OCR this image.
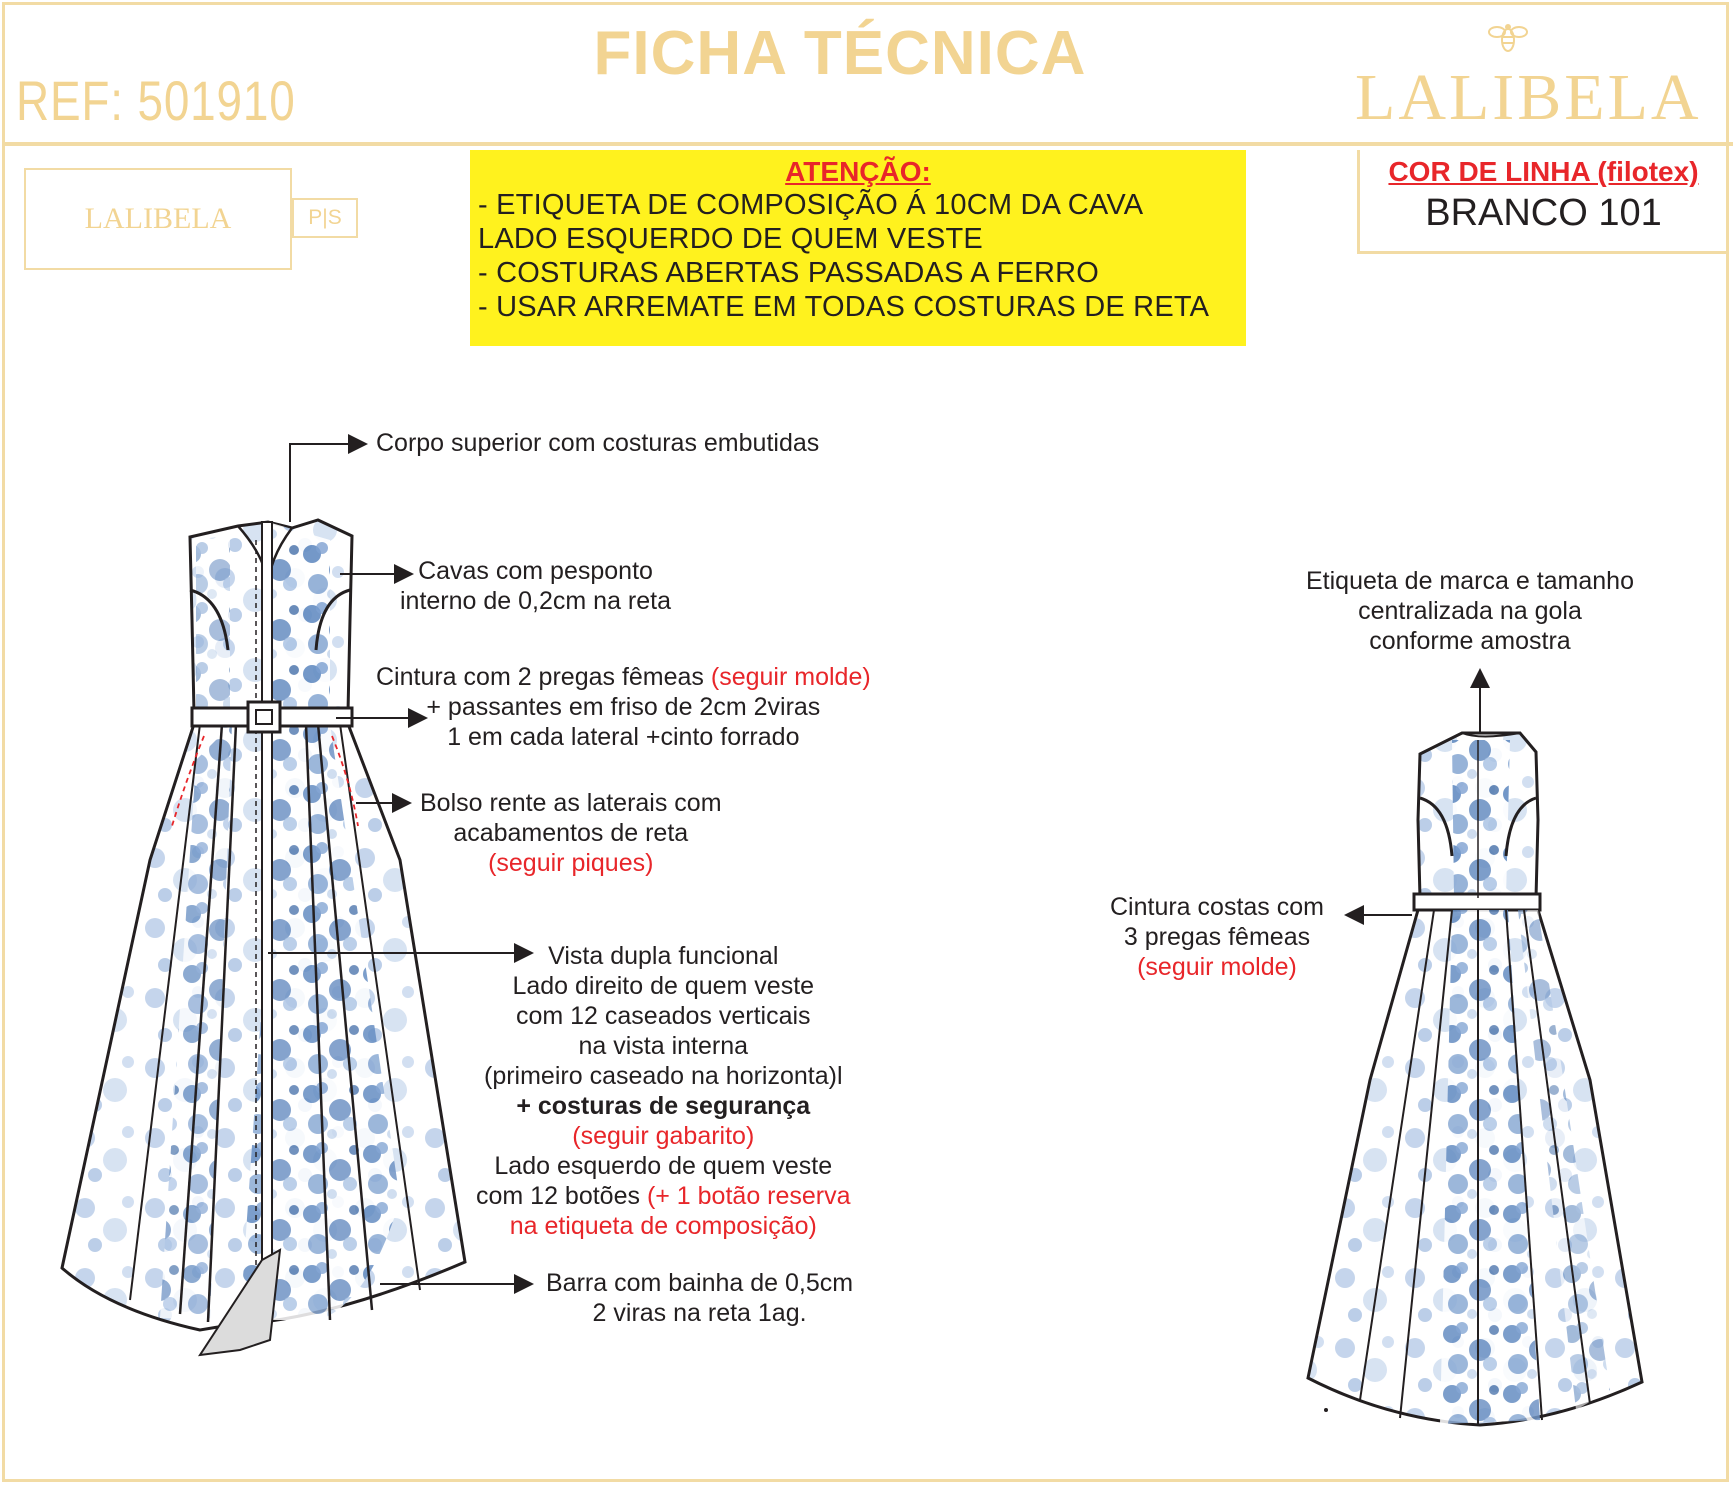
FICHA TÉCNICA
REF: 501910	LALIBELA
LALIBELA	P|S
ATENÇÃO:
- ETIQUETA DE COMPOSIÇÃO Á 10CM DA CAVA
LADO ESQUERDO DE QUEM VESTE
- COSTURAS ABERTAS PASSADAS A FERRO
- USAR ARREMATE EM TODAS COSTURAS DE RETA
COR DE LINHA (filotex)
BRANCO 101
Corpo superior com costuras embutidas
Cavas com pesponto
interno de 0,2cm na reta
Cintura com 2 pregas fêmeas (seguir molde)
+ passantes em friso de 2cm 2viras
1 em cada lateral +cinto forrado
Bolso rente as laterais com
acabamentos de reta
(seguir piques)
Vista dupla funcional
Lado direito de quem veste
com 12 caseados verticais
na vista interna
(primeiro caseado na horizonta)l
+ costuras de segurança
(seguir gabarito)
Lado esquerdo de quem veste
com 12 botões (+ 1 botão reserva
na etiqueta de composição)
Barra com bainha de 0,5cm
2 viras na reta 1ag.
Etiqueta de marca e tamanho
centralizada na gola
conforme amostra
Cintura costas com
3 pregas fêmeas
(seguir molde)
